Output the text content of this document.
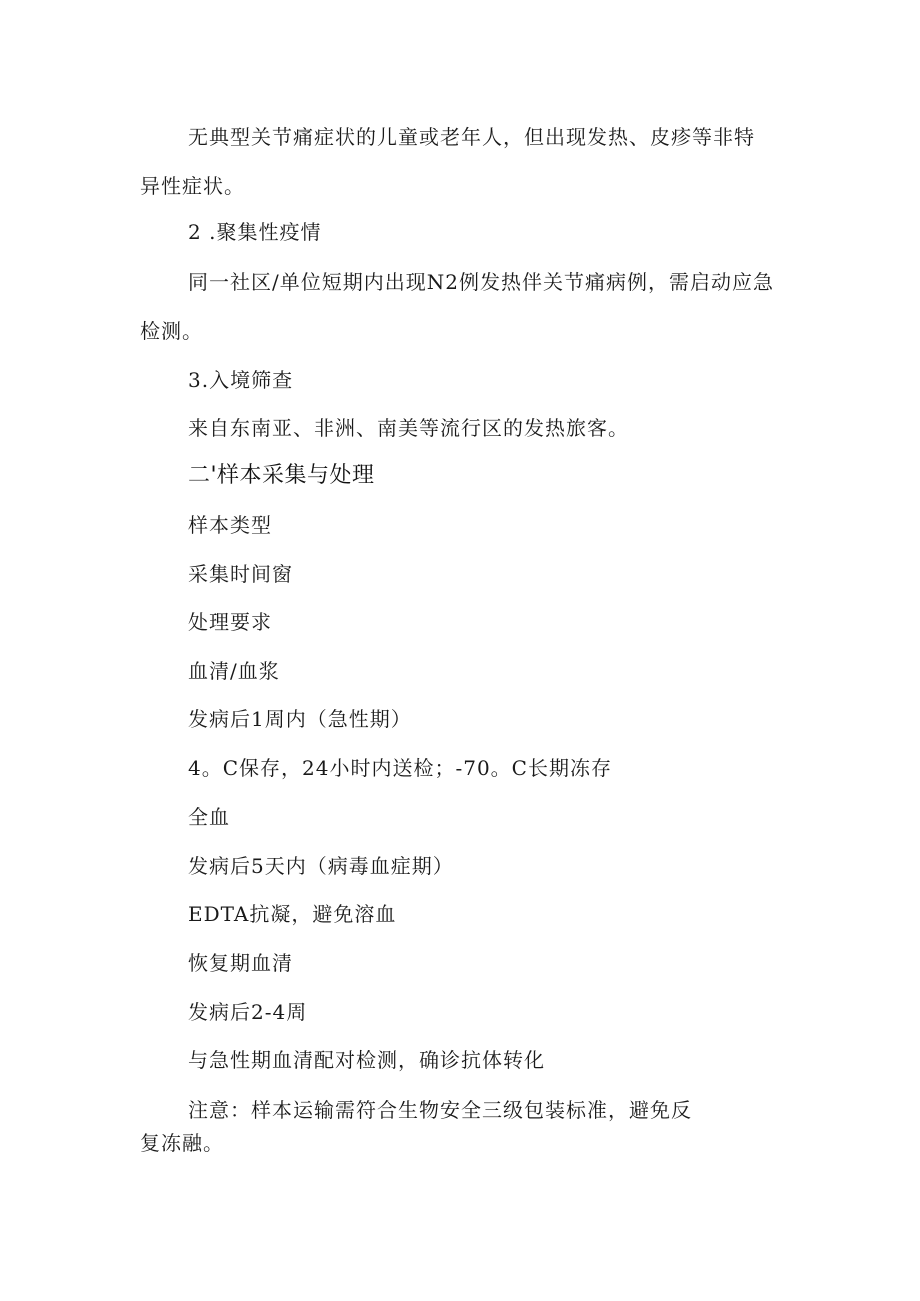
无典型关节痛症状的儿童或老年人，但出现发热、皮疹等非特
异性症状。
2 .聚集性疫情
同一社区/单位短期内出现N2例发热伴关节痛病例，需启动应急
检测。
3.入境筛查
来自东南亚、非洲、南美等流行区的发热旅客。
二'样本采集与处理
样本类型
采集时间窗
处理要求
血清/血浆
发病后1周内（急性期）
4。C保存，24小时内送检；-70。C长期冻存
全血
发病后5天内（病毒血症期）
EDTA抗凝，避免溶血
恢复期血清
发病后2-4周
与急性期血清配对检测，确诊抗体转化
注意：样本运输需符合生物安全三级包装标准，避免反
复冻融。
